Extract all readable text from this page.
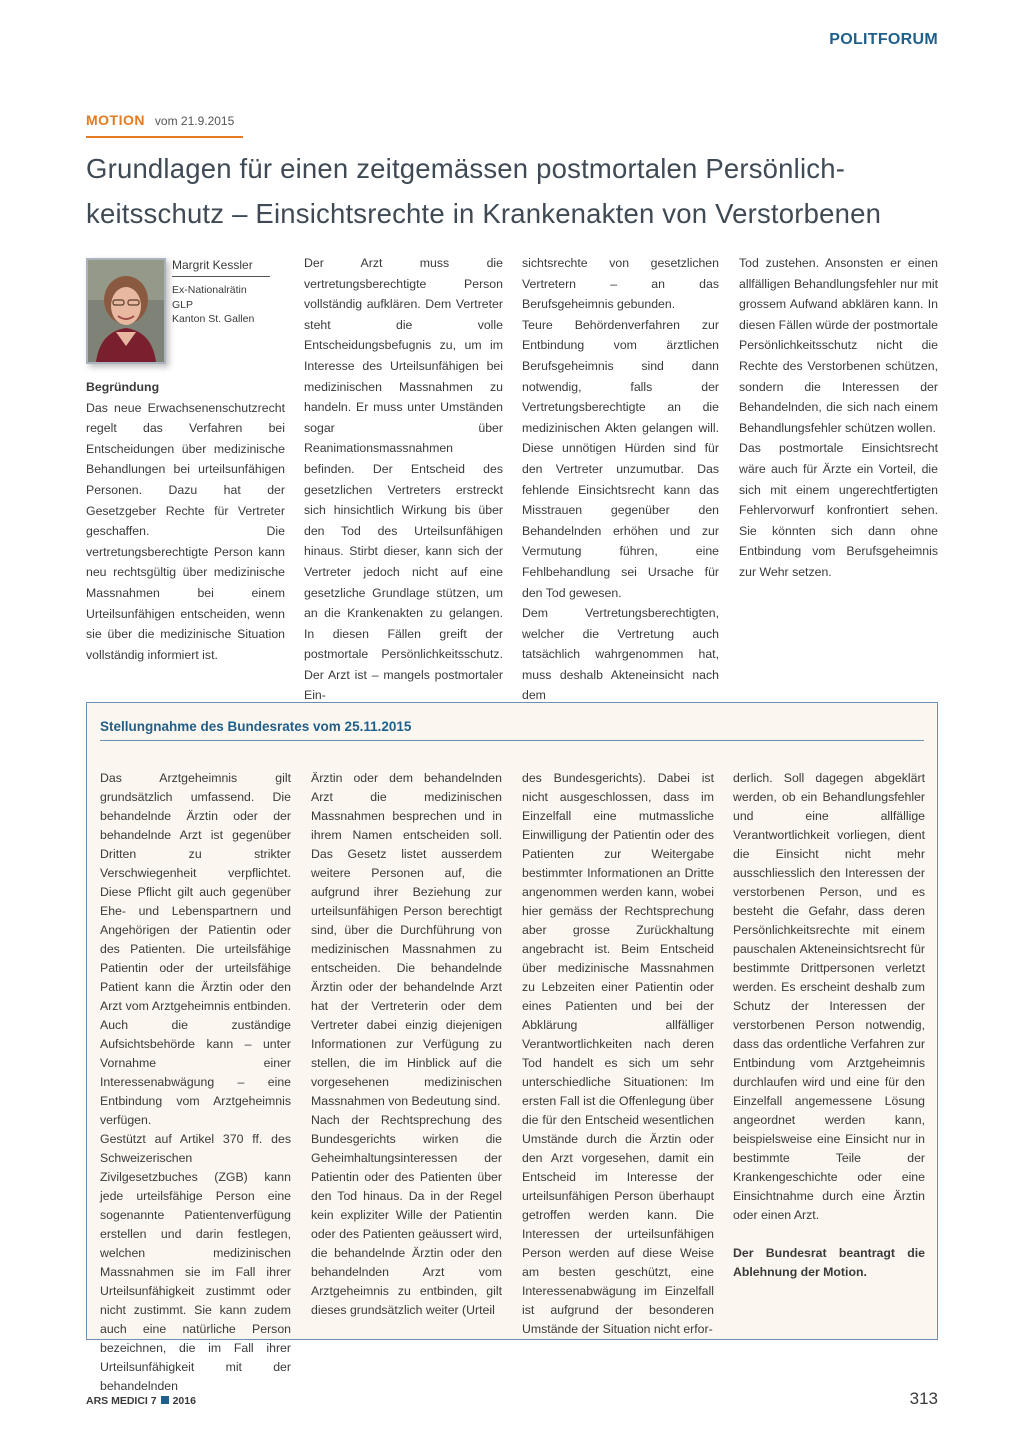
POLITFORUM
MOTION vom 21.9.2015
Grundlagen für einen zeitgemässen postmortalen Persönlich-
keitsschutz – Einsichtsrechte in Krankenakten von Verstorbenen
Margrit Kessler
Ex-Nationalrätin
GLP
Kanton St. Gallen

Begründung

Das neue Erwachsenenschutzrecht regelt das Verfahren bei Entscheidungen über medizinische Behandlungen bei urteilsunfähigen Personen. Dazu hat der Gesetzgeber Rechte für Vertreter geschaffen. Die vertretungsberechtigte Person kann neu rechtsgültig über medizinische Massnahmen bei einem Urteilsunfähigen entscheiden, wenn sie über die medizinische Situation vollständig informiert ist.

Der Arzt muss die vertretungsberechtigte Person vollständig aufklären. Dem Vertreter steht die volle Entscheidungsbefugnis zu, um im Interesse des Urteilsunfähigen bei medizinischen Massnahmen zu handeln. Er muss unter Umständen sogar über Reanimationsmassnahmen befinden. Der Entscheid des gesetzlichen Vertreters erstreckt sich hinsichtlich Wirkung bis über den Tod des Urteilsunfähigen hinaus. Stirbt dieser, kann sich der Vertreter jedoch nicht auf eine gesetzliche Grundlage stützen, um an die Krankenakten zu gelangen. In diesen Fällen greift der postmortale Persönlichkeitsschutz. Der Arzt ist – mangels postmortaler Ein-

sichtsrechte von gesetzlichen Vertretern – an das Berufsgeheimnis gebunden.

Teure Behördenverfahren zur Entbindung vom ärztlichen Berufsgeheimnis sind dann notwendig, falls der Vertretungsberechtigte an die medizinischen Akten gelangen will. Diese unnötigen Hürden sind für den Vertreter unzumutbar. Das fehlende Einsichtsrecht kann das Misstrauen gegenüber den Behandelnden erhöhen und zur Vermutung führen, eine Fehlbehandlung sei Ursache für den Tod gewesen.

Dem Vertretungsberechtigten, welcher die Vertretung auch tatsächlich wahrgenommen hat, muss deshalb Akteneinsicht nach dem

Tod zustehen. Ansonsten er einen allfälligen Behandlungsfehler nur mit grossem Aufwand abklären kann. In diesen Fällen würde der postmortale Persönlichkeitsschutz nicht die Rechte des Verstorbenen schützen, sondern die Interessen der Behandelnden, die sich nach einem Behandlungsfehler schützen wollen.

Das postmortale Einsichtsrecht wäre auch für Ärzte ein Vorteil, die sich mit einem ungerechtfertigten Fehlervorwurf konfrontiert sehen. Sie könnten sich dann ohne Entbindung vom Berufsgeheimnis zur Wehr setzen.

Stellungnahme des Bundesrates vom 25.11.2015

Das Arztgeheimnis gilt grundsätzlich umfassend. Die behandelnde Ärztin oder der behandelnde Arzt ist gegenüber Dritten zu strikter Verschwiegenheit verpflichtet. Diese Pflicht gilt auch gegenüber Ehe- und Lebenspartnern und Angehörigen der Patientin oder des Patienten. Die urteilsfähige Patientin oder der urteilsfähige Patient kann die Ärztin oder den Arzt vom Arztgeheimnis entbinden. Auch die zuständige Aufsichtsbehörde kann – unter Vornahme einer Interessenabwägung – eine Entbindung vom Arztgeheimnis verfügen.

Gestützt auf Artikel 370 ff. des Schweizerischen Zivilgesetzbuches (ZGB) kann jede urteilsfähige Person eine sogenannte Patientenverfügung erstellen und darin festlegen, welchen medizinischen Massnahmen sie im Fall ihrer Urteilsunfähigkeit zustimmt oder nicht zustimmt. Sie kann zudem auch eine natürliche Person bezeichnen, die im Fall ihrer Urteilsunfähigkeit mit der behandelnden

Ärztin oder dem behandelnden Arzt die medizinischen Massnahmen besprechen und in ihrem Namen entscheiden soll. Das Gesetz listet ausserdem weitere Personen auf, die aufgrund ihrer Beziehung zur urteilsunfähigen Person berechtigt sind, über die Durchführung von medizinischen Massnahmen zu entscheiden. Die behandelnde Ärztin oder der behandelnde Arzt hat der Vertreterin oder dem Vertreter dabei einzig diejenigen Informationen zur Verfügung zu stellen, die im Hinblick auf die vorgesehenen medizinischen Massnahmen von Bedeutung sind.

Nach der Rechtsprechung des Bundesgerichts wirken die Geheimhaltungsinteressen der Patientin oder des Patienten über den Tod hinaus. Da in der Regel kein expliziter Wille der Patientin oder des Patienten geäussert wird, die behandelnde Ärztin oder den behandelnden Arzt vom Arztgeheimnis zu entbinden, gilt dieses grundsätzlich weiter (Urteil

des Bundesgerichts). Dabei ist nicht ausgeschlossen, dass im Einzelfall eine mutmassliche Einwilligung der Patientin oder des Patienten zur Weitergabe bestimmter Informationen an Dritte angenommen werden kann, wobei hier gemäss der Rechtsprechung aber grosse Zurückhaltung angebracht ist. Beim Entscheid über medizinische Massnahmen zu Lebzeiten einer Patientin oder eines Patienten und bei der Abklärung allfälliger Verantwortlichkeiten nach deren Tod handelt es sich um sehr unterschiedliche Situationen: Im ersten Fall ist die Offenlegung über die für den Entscheid wesentlichen Umstände durch die Ärztin oder den Arzt vorgesehen, damit ein Entscheid im Interesse der urteilsunfähigen Person überhaupt getroffen werden kann. Die Interessen der urteilsunfähigen Person werden auf diese Weise am besten geschützt, eine Interessenabwägung im Einzelfall ist aufgrund der besonderen Umstände der Situation nicht erfor-

derlich. Soll dagegen abgeklärt werden, ob ein Behandlungsfehler und eine allfällige Verantwortlichkeit vorliegen, dient die Einsicht nicht mehr ausschliesslich den Interessen der verstorbenen Person, und es besteht die Gefahr, dass deren Persönlichkeitsrechte mit einem pauschalen Akteneinsichtsrecht für bestimmte Drittpersonen verletzt werden. Es erscheint deshalb zum Schutz der Interessen der verstorbenen Person notwendig, dass das ordentliche Verfahren zur Entbindung vom Arztgeheimnis durchlaufen wird und eine für den Einzelfall angemessene Lösung angeordnet werden kann, beispielsweise eine Einsicht nur in bestimmte Teile der Krankengeschichte oder eine Einsichtnahme durch eine Ärztin oder einen Arzt.

Der Bundesrat beantragt die Ablehnung der Motion.

ARS MEDICI 7 2016	313
